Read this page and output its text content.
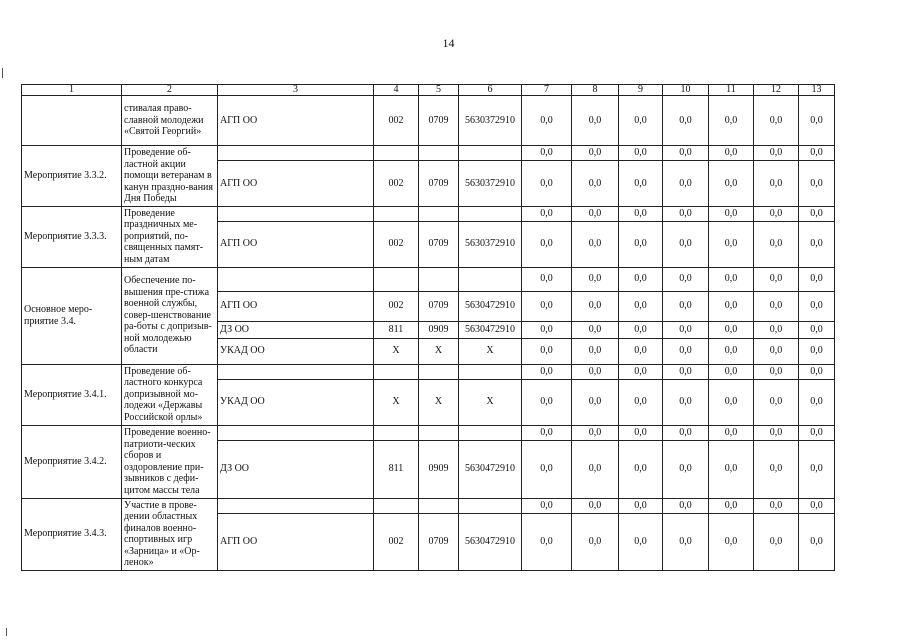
14
1	2	3	4	5	6	7	8	9	10	11	12	13
	стивалая право-славной молодежи «Святой Георгий»	АГП ОО	002	0709	5630372910	0,0	0,0	0,0	0,0	0,0	0,0	0,0
Мероприятие 3.3.2.	Проведение об-ластной акции помощи ветеранам в канун праздно-вания Дня Победы					0,0	0,0	0,0	0,0	0,0	0,0	0,0
		АГП ОО	002	0709	5630372910	0,0	0,0	0,0	0,0	0,0	0,0	0,0
Мероприятие 3.3.3.	Проведение праздничных ме-роприятий, по-священных памят-ным датам					0,0	0,0	0,0	0,0	0,0	0,0	0,0
		АГП ОО	002	0709	5630372910	0,0	0,0	0,0	0,0	0,0	0,0	0,0
Основное меро-приятие 3.4.	Обеспечение по-вышения пре-стижа военной службы, совер-шенствование ра-боты с допризыв-ной молодежью области					0,0	0,0	0,0	0,0	0,0	0,0	0,0
		АГП ОО	002	0709	5630472910	0,0	0,0	0,0	0,0	0,0	0,0	0,0
		ДЗ ОО	811	0909	5630472910	0,0	0,0	0,0	0,0	0,0	0,0	0,0
		УКАД ОО	X	X	X	0,0	0,0	0,0	0,0	0,0	0,0	0,0
Мероприятие 3.4.1.	Проведение об-ластного конкурса допризывной мо-лодежи «Державы Российской орлы»					0,0	0,0	0,0	0,0	0,0	0,0	0,0
		УКАД ОО	X	X	X	0,0	0,0	0,0	0,0	0,0	0,0	0,0
Мероприятие 3.4.2.	Проведение военно-патриоти-ческих сборов и оздоровление при-зывников с дефи-цитом массы тела					0,0	0,0	0,0	0,0	0,0	0,0	0,0
		ДЗ ОО	811	0909	5630472910	0,0	0,0	0,0	0,0	0,0	0,0	0,0
Мероприятие 3.4.3.	Участие в прове-дении областных финалов военно-спортивных игр «Зарница» и «Ор-ленок»					0,0	0,0	0,0	0,0	0,0	0,0	0,0
		АГП ОО	002	0709	5630472910	0,0	0,0	0,0	0,0	0,0	0,0	0,0
